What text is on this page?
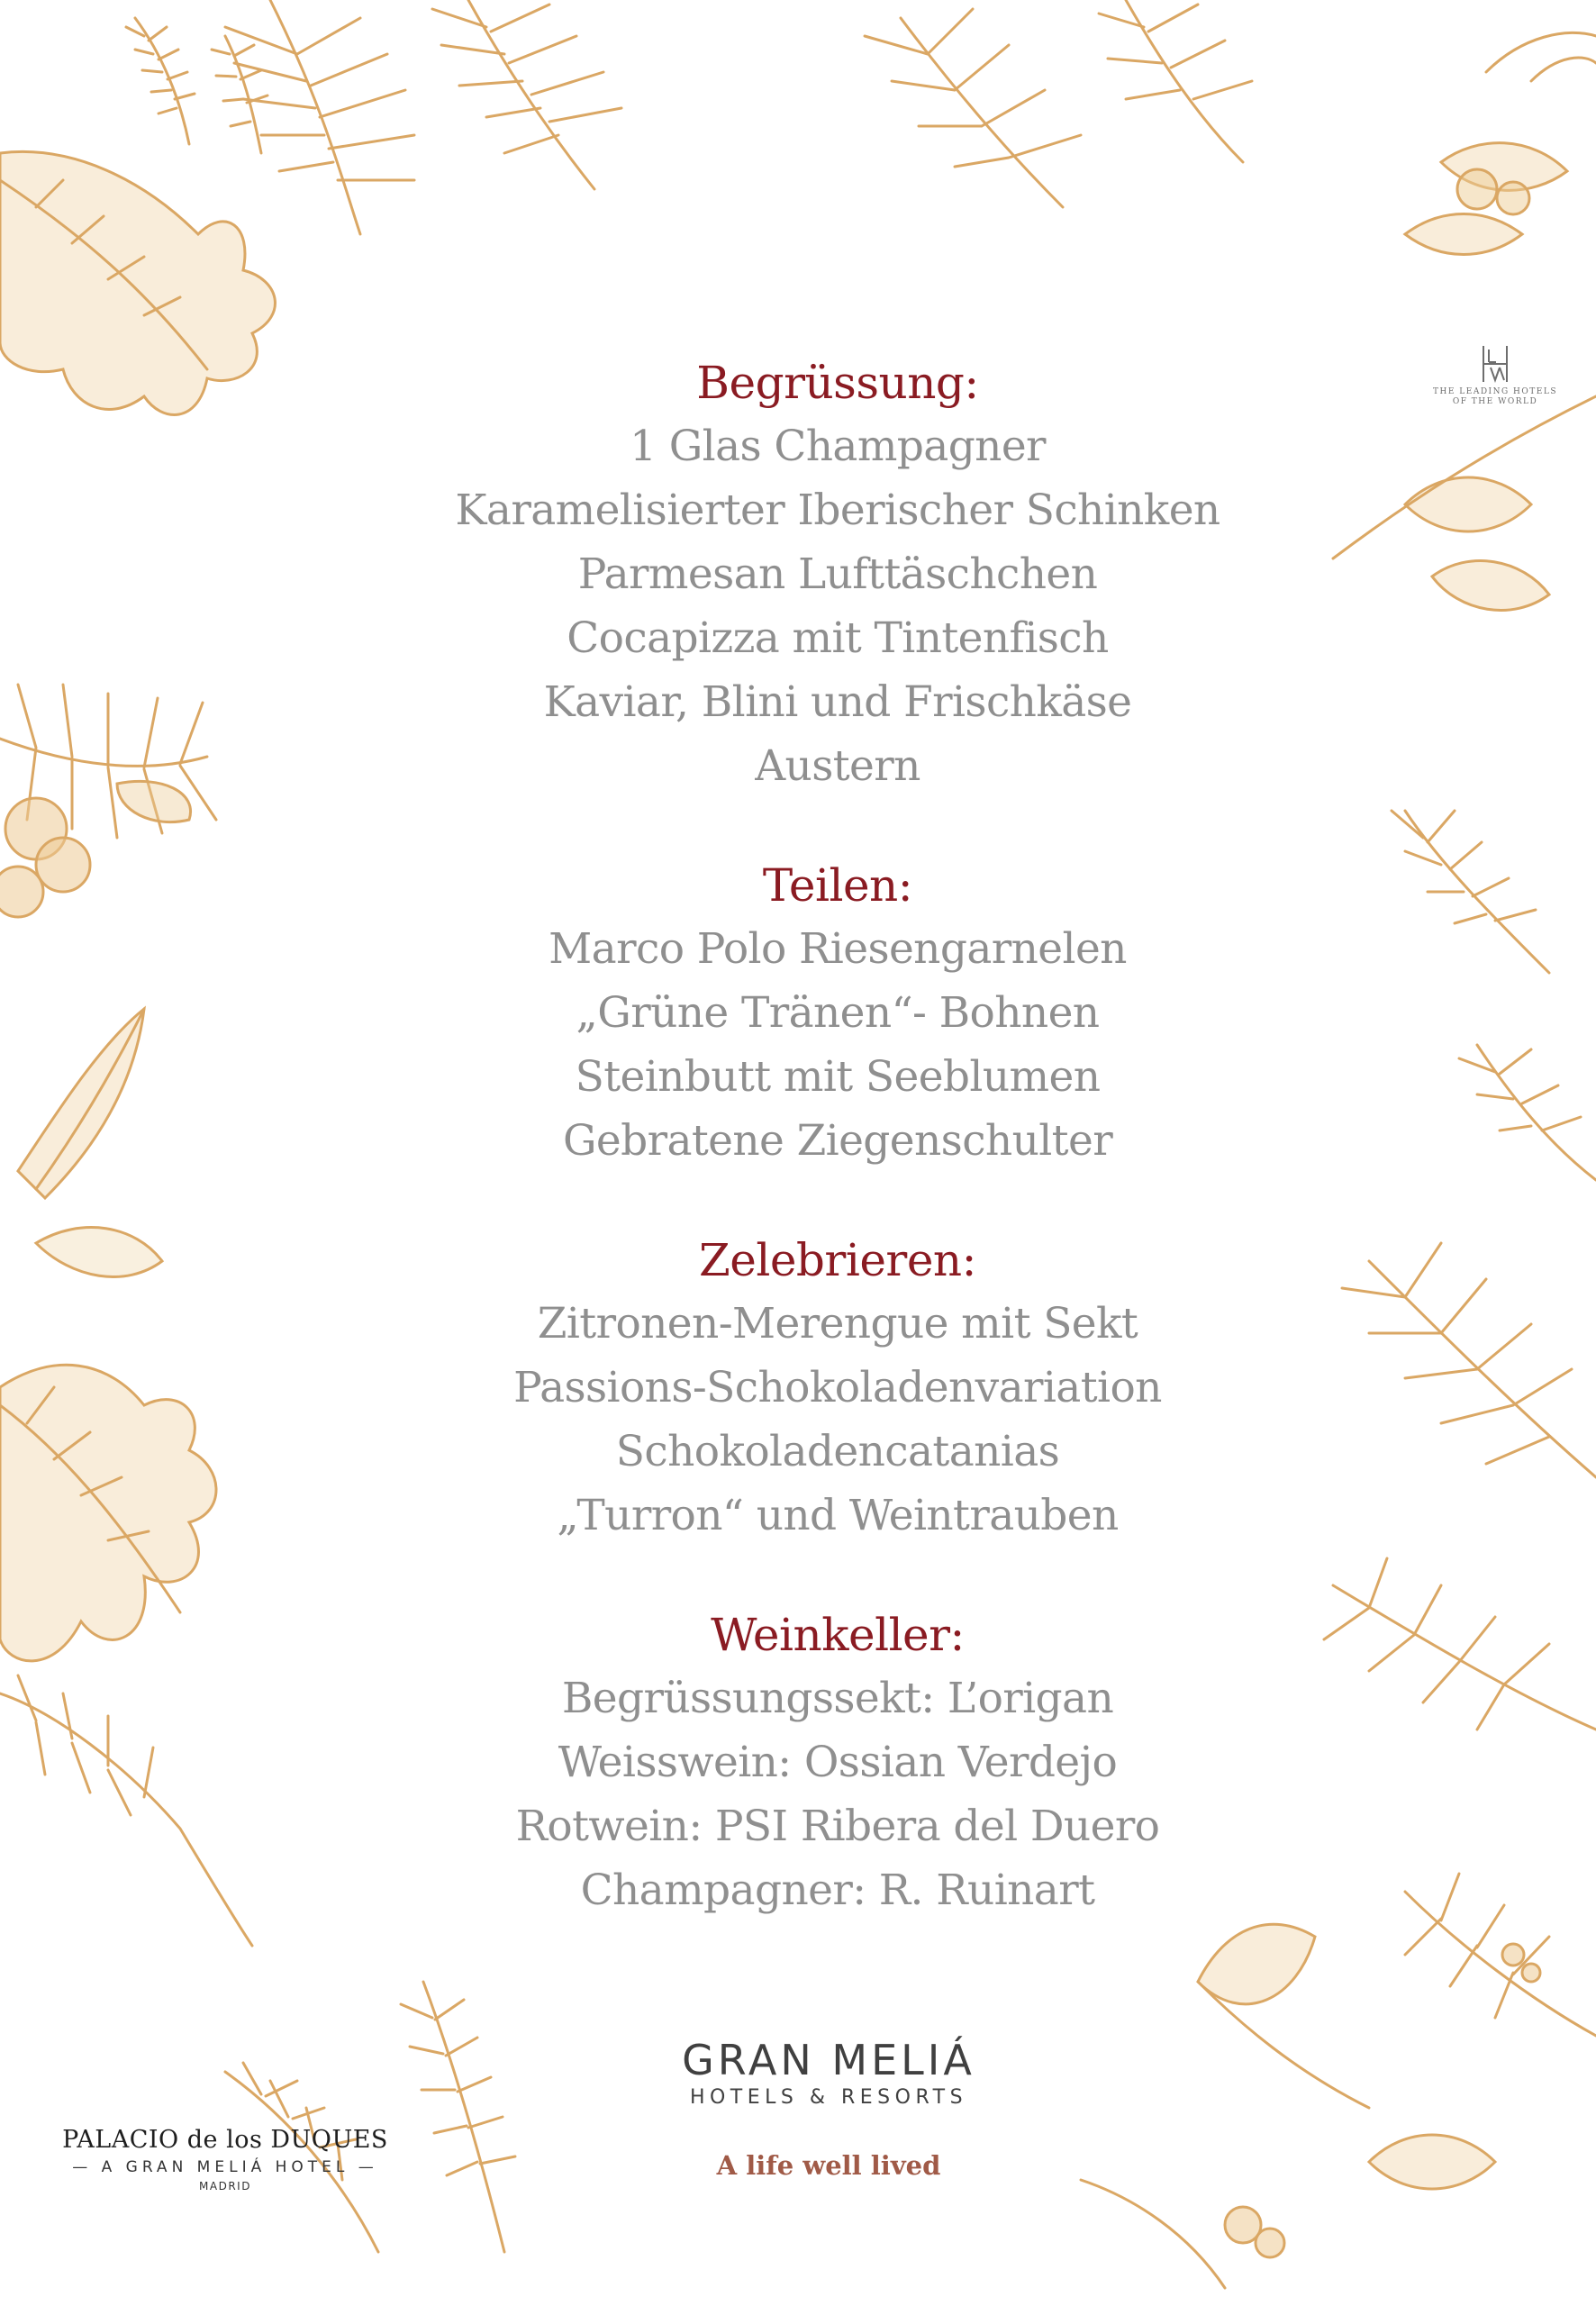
Begrüssung:
1 Glas Champagner
Karamelisierter Iberischer Schinken
Parmesan Lufttäschchen
Cocapizza mit Tintenfisch
Kaviar, Blini und Frischkäse
Austern
Teilen:
Marco Polo Riesengarnelen
„Grüne Tränen“- Bohnen
Steinbutt mit Seeblumen
Gebratene Ziegenschulter
Zelebrieren:
Zitronen-Merengue mit Sekt
Passions-Schokoladenvariation
Schokoladencatanias
„Turron“ und Weintrauben
Weinkeller:
Begrüssungssekt: L’origan
Weisswein: Ossian Verdejo
Rotwein: PSI Ribera del Duero
Champagner: R. Ruinart
THE LEADING HOTELS
OF THE WORLD
GRAN MELIÁ
HOTELS & RESORTS
A life well lived
PALACIO de los DUQUES
— A GRAN MELIÁ HOTEL —
MADRID
